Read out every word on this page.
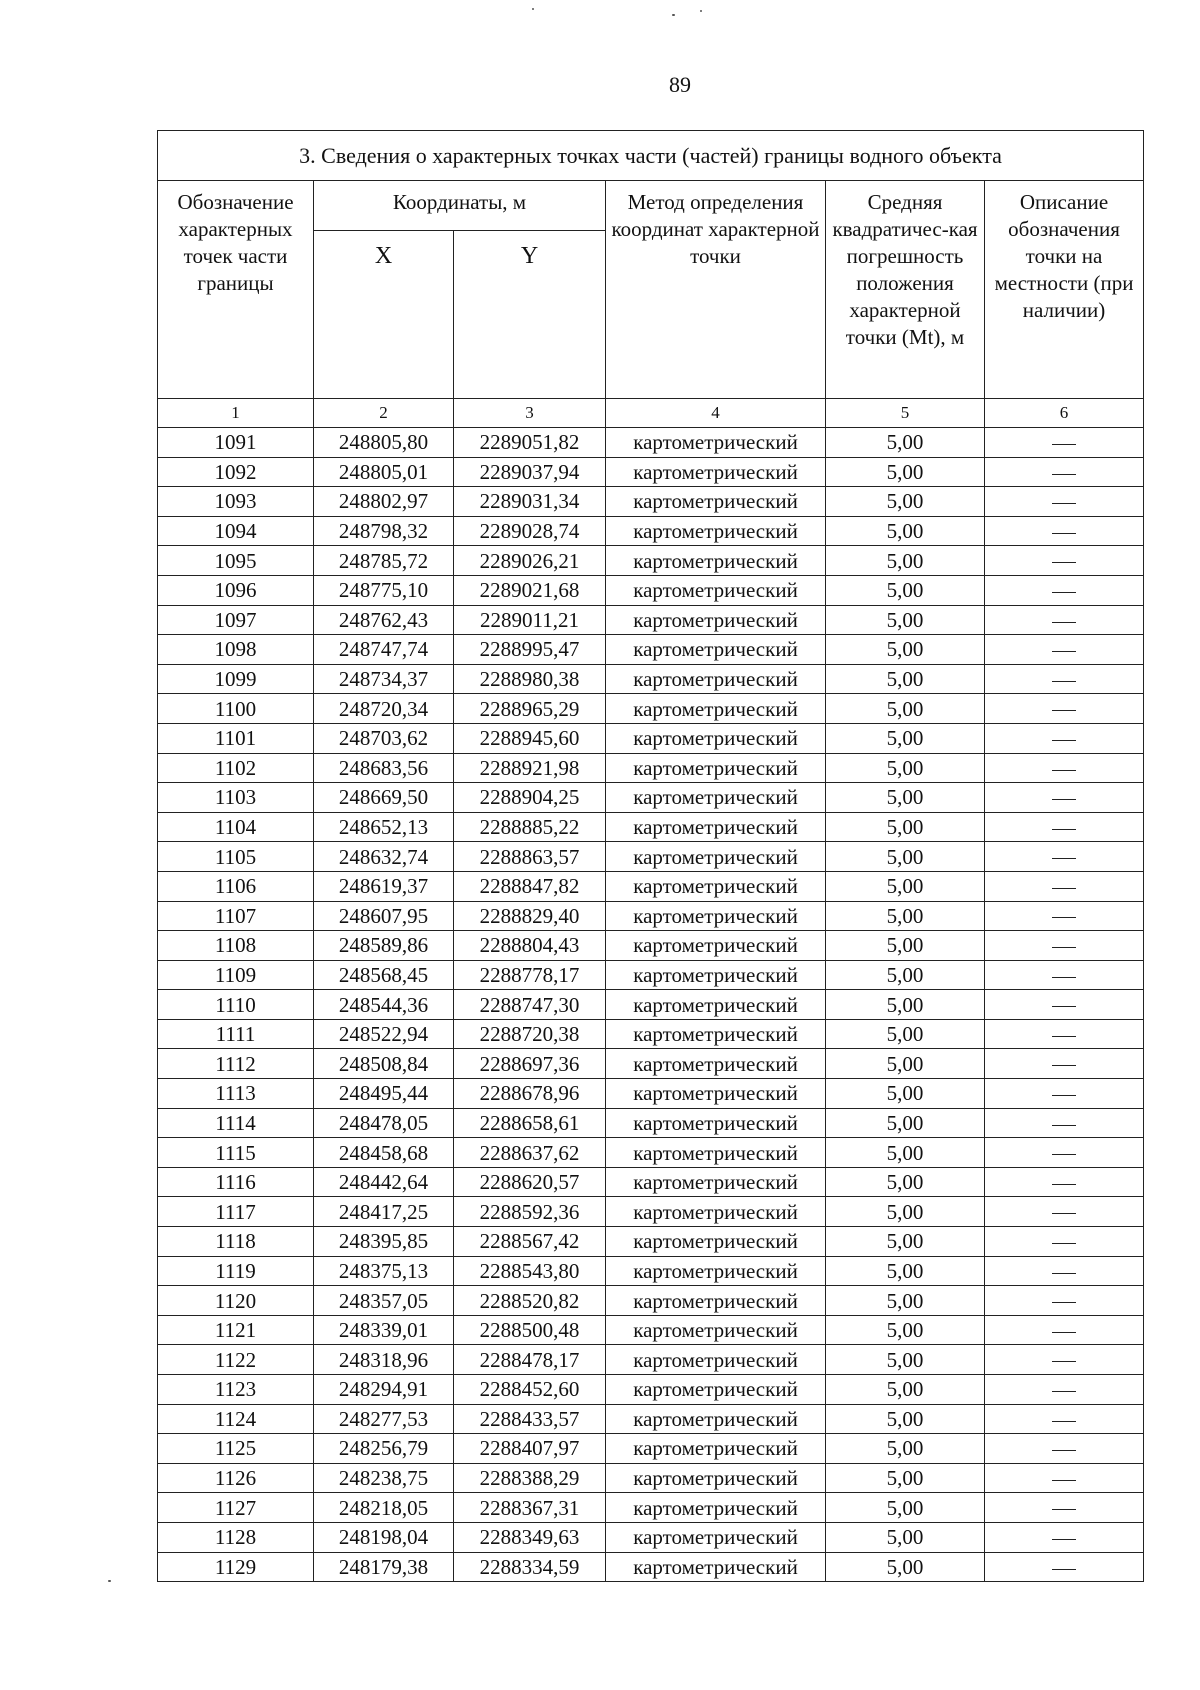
89
3. Сведения о характерных точках части (частей) границы водного объекта					
Обозначение характерных точек части границы	Координаты, м		Метод определения координат характерной точки	Средняя квадратичес-кая погрешность положения характерной точки (Mt), м	Описание обозначения точки на местности (при наличии)
	X	Y			
1	2	3	4	5	6
1091	248805,80	2289051,82	картометрический	5,00	
1092	248805,01	2289037,94	картометрический	5,00	
1093	248802,97	2289031,34	картометрический	5,00	
1094	248798,32	2289028,74	картометрический	5,00	
1095	248785,72	2289026,21	картометрический	5,00	
1096	248775,10	2289021,68	картометрический	5,00	
1097	248762,43	2289011,21	картометрический	5,00	
1098	248747,74	2288995,47	картометрический	5,00	
1099	248734,37	2288980,38	картометрический	5,00	
1100	248720,34	2288965,29	картометрический	5,00	
1101	248703,62	2288945,60	картометрический	5,00	
1102	248683,56	2288921,98	картометрический	5,00	
1103	248669,50	2288904,25	картометрический	5,00	
1104	248652,13	2288885,22	картометрический	5,00	
1105	248632,74	2288863,57	картометрический	5,00	
1106	248619,37	2288847,82	картометрический	5,00	
1107	248607,95	2288829,40	картометрический	5,00	
1108	248589,86	2288804,43	картометрический	5,00	
1109	248568,45	2288778,17	картометрический	5,00	
1110	248544,36	2288747,30	картометрический	5,00	
1111	248522,94	2288720,38	картометрический	5,00	
1112	248508,84	2288697,36	картометрический	5,00	
1113	248495,44	2288678,96	картометрический	5,00	
1114	248478,05	2288658,61	картометрический	5,00	
1115	248458,68	2288637,62	картометрический	5,00	
1116	248442,64	2288620,57	картометрический	5,00	
1117	248417,25	2288592,36	картометрический	5,00	
1118	248395,85	2288567,42	картометрический	5,00	
1119	248375,13	2288543,80	картометрический	5,00	
1120	248357,05	2288520,82	картометрический	5,00	
1121	248339,01	2288500,48	картометрический	5,00	
1122	248318,96	2288478,17	картометрический	5,00	
1123	248294,91	2288452,60	картометрический	5,00	
1124	248277,53	2288433,57	картометрический	5,00	
1125	248256,79	2288407,97	картометрический	5,00	
1126	248238,75	2288388,29	картометрический	5,00	
1127	248218,05	2288367,31	картометрический	5,00	
1128	248198,04	2288349,63	картометрический	5,00	
1129	248179,38	2288334,59	картометрический	5,00	
